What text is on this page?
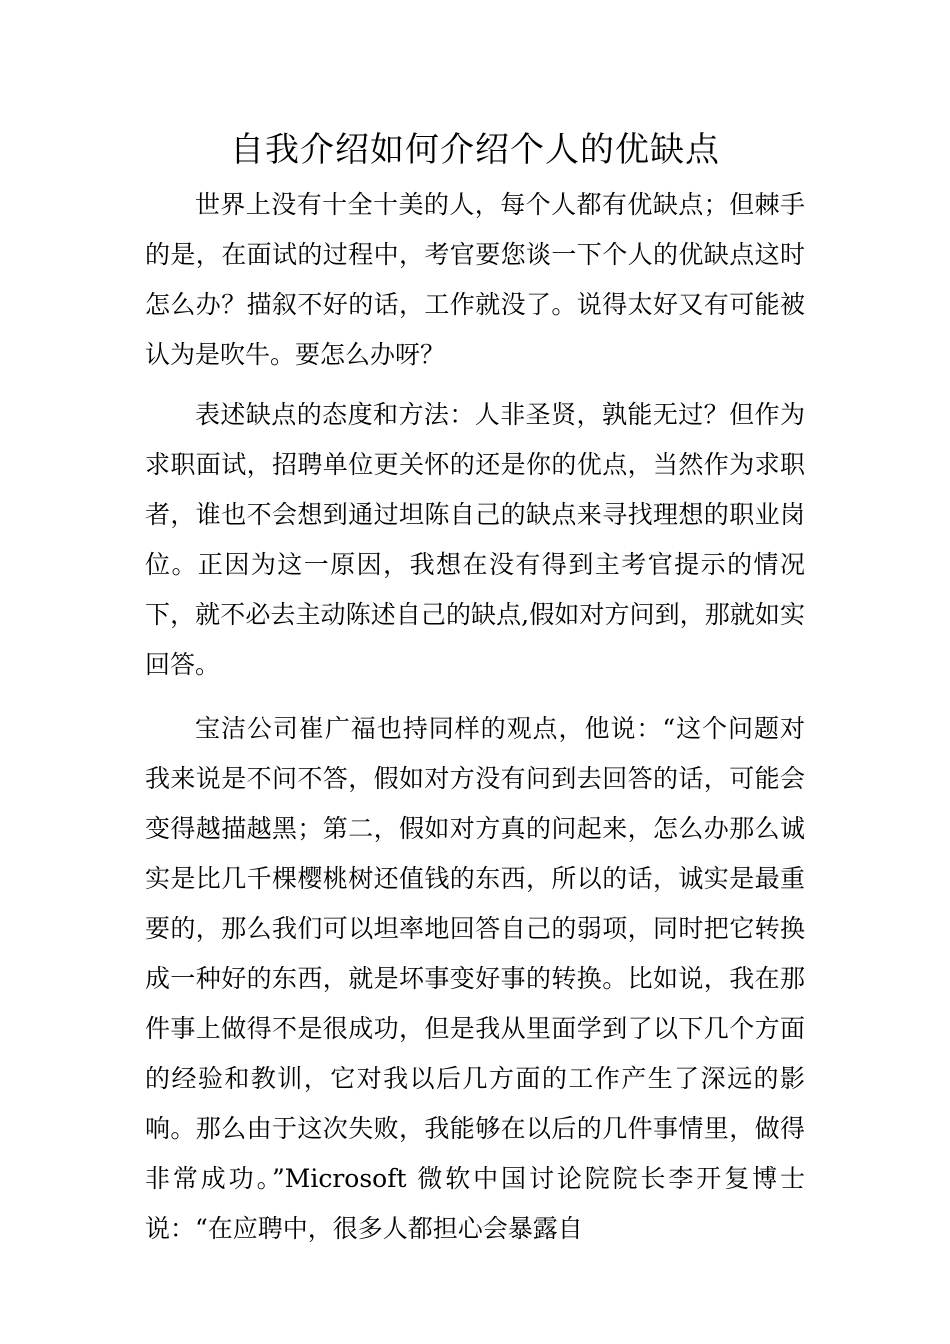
自我介绍如何介绍个人的优缺点

世界上没有十全十美的人，每个人都有优缺点；但棘手的是，在面试的过程中，考官要您谈一下个人的优缺点这时怎么办？描叙不好的话，工作就没了。说得太好又有可能被认为是吹牛。要怎么办呀？

表述缺点的态度和方法：人非圣贤，孰能无过？但作为求职面试，招聘单位更关怀的还是你的优点，当然作为求职者，谁也不会想到通过坦陈自己的缺点来寻找理想的职业岗位。正因为这一原因，我想在没有得到主考官提示的情况下，就不必去主动陈述自己的缺点,假如对方问到，那就如实回答。

宝洁公司崔广福也持同样的观点，他说：“这个问题对我来说是不问不答，假如对方没有问到去回答的话，可能会变得越描越黑；第二，假如对方真的问起来，怎么办那么诚实是比几千棵樱桃树还值钱的东西，所以的话，诚实是最重要的，那么我们可以坦率地回答自己的弱项，同时把它转换成一种好的东西，就是坏事变好事的转换。比如说，我在那件事上做得不是很成功，但是我从里面学到了以下几个方面的经验和教训，它对我以后几方面的工作产生了深远的影响。那么由于这次失败，我能够在以后的几件事情里，做得非常成功。”Microsoft 微软中国讨论院院长李开复博士说：“在应聘中，很多人都担心会暴露自
